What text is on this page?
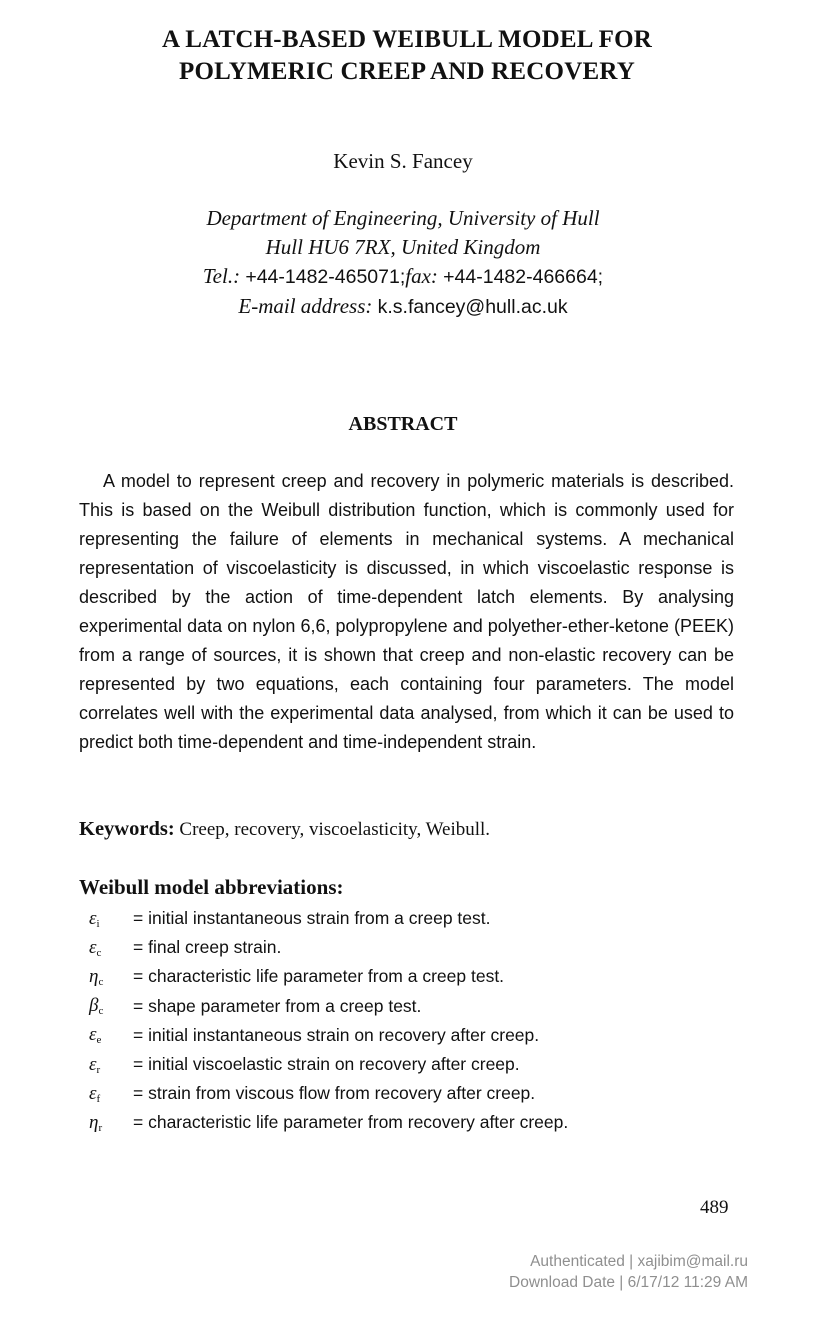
A LATCH-BASED WEIBULL MODEL FOR
POLYMERIC CREEP AND RECOVERY
Kevin S. Fancey
Department of Engineering, University of Hull
Hull HU6 7RX, United Kingdom
Tel.: +44-1482-465071;fax: +44-1482-466664;
E-mail address: k.s.fancey@hull.ac.uk
ABSTRACT
A model to represent creep and recovery in polymeric materials is described. This is based on the Weibull distribution function, which is commonly used for representing the failure of elements in mechanical systems. A mechanical representation of viscoelasticity is discussed, in which viscoelastic response is described by the action of time-dependent latch elements. By analysing experimental data on nylon 6,6, polypropylene and polyether-ether-ketone (PEEK) from a range of sources, it is shown that creep and non-elastic recovery can be represented by two equations, each containing four parameters. The model correlates well with the experimental data analysed, from which it can be used to predict both time-dependent and time-independent strain.
Keywords: Creep, recovery, viscoelasticity, Weibull.
Weibull model abbreviations:
$\varepsilon_i$	= initial instantaneous strain from a creep test.
$\varepsilon_c$	= final creep strain.
$\eta_c$	= characteristic life parameter from a creep test.
$\beta_c$	= shape parameter from a creep test.
$\varepsilon_e$	= initial instantaneous strain on recovery after creep.
$\varepsilon_r$	= initial viscoelastic strain on recovery after creep.
$\varepsilon_f$	= strain from viscous flow from recovery after creep.
$\eta_r$	= characteristic life parameter from recovery after creep.
489
Authenticated | xajibim@mail.ru
Download Date | 6/17/12 11:29 AM
